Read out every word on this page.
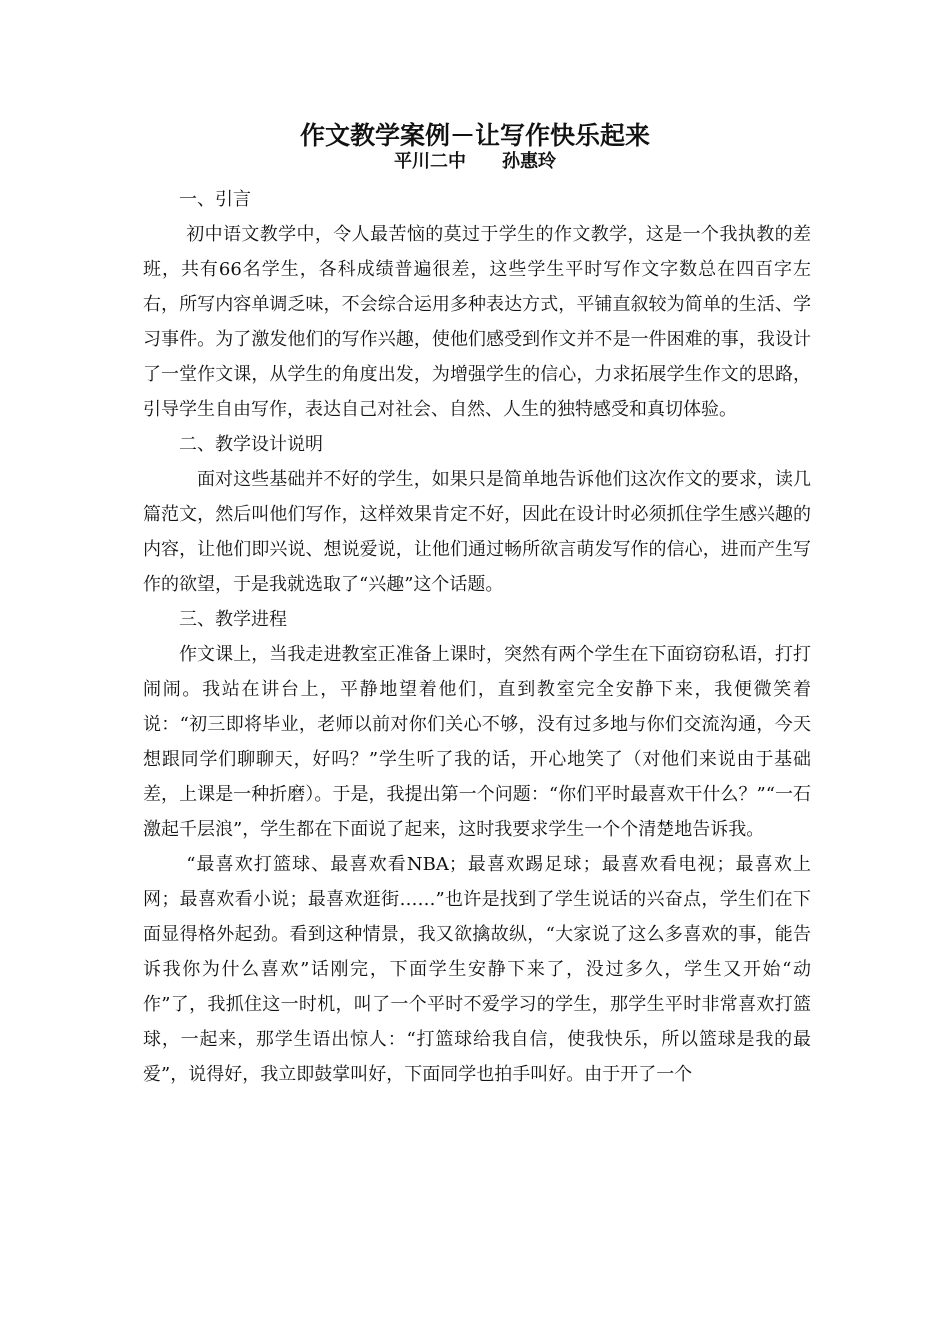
作文教学案例－让写作快乐起来
平川二中 孙惠玲
一、引言

初中语文教学中，令人最苦恼的莫过于学生的作文教学，这是一个我执教的差班，共有66名学生，各科成绩普遍很差，这些学生平时写作文字数总在四百字左右，所写内容单调乏味，不会综合运用多种表达方式，平铺直叙较为简单的生活、学习事件。为了激发他们的写作兴趣，使他们感受到作文并不是一件困难的事，我设计了一堂作文课，从学生的角度出发，为增强学生的信心，力求拓展学生作文的思路，引导学生自由写作，表达自己对社会、自然、人生的独特感受和真切体验。

二、教学设计说明

面对这些基础并不好的学生，如果只是简单地告诉他们这次作文的要求，读几篇范文，然后叫他们写作，这样效果肯定不好，因此在设计时必须抓住学生感兴趣的内容，让他们即兴说、想说爱说，让他们通过畅所欲言萌发写作的信心，进而产生写作的欲望，于是我就选取了“兴趣”这个话题。

三、教学进程

作文课上，当我走进教室正准备上课时，突然有两个学生在下面窃窃私语，打打闹闹。我站在讲台上，平静地望着他们，直到教室完全安静下来，我便微笑着说：“初三即将毕业，老师以前对你们关心不够，没有过多地与你们交流沟通，今天想跟同学们聊聊天，好吗？”学生听了我的话，开心地笑了（对他们来说由于基础差，上课是一种折磨）。于是，我提出第一个问题：“你们平时最喜欢干什么？”“一石激起千层浪”，学生都在下面说了起来，这时我要求学生一个个清楚地告诉我。

“最喜欢打篮球、最喜欢看NBA；最喜欢踢足球；最喜欢看电视；最喜欢上网；最喜欢看小说；最喜欢逛街……”也许是找到了学生说话的兴奋点，学生们在下面显得格外起劲。看到这种情景，我又欲擒故纵，“大家说了这么多喜欢的事，能告诉我你为什么喜欢”话刚完，下面学生安静下来了，没过多久，学生又开始“动作”了，我抓住这一时机，叫了一个平时不爱学习的学生，那学生平时非常喜欢打篮球，一起来，那学生语出惊人：“打篮球给我自信，使我快乐，所以篮球是我的最爱”，说得好，我立即鼓掌叫好，下面同学也拍手叫好。由于开了一个
